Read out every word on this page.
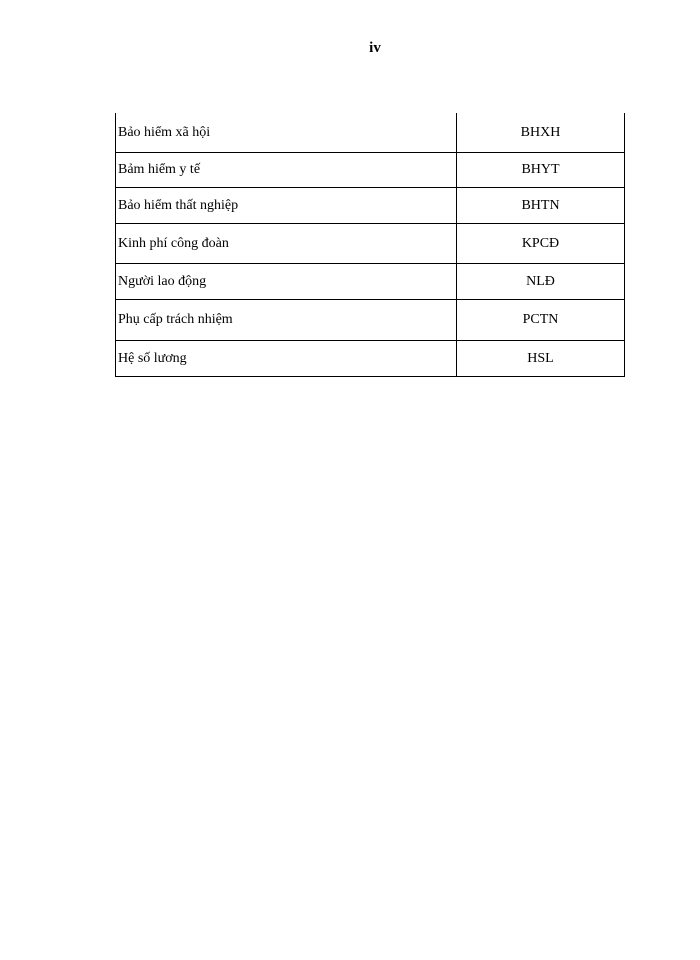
iv
Bảo hiểm xã hội	BHXH
Bảm hiểm y tế	BHYT
Bảo hiểm thất nghiệp	BHTN
Kinh phí công đoàn	KPCĐ
Người lao động	NLĐ
Phụ cấp trách nhiệm	PCTN
Hệ số lương	HSL
